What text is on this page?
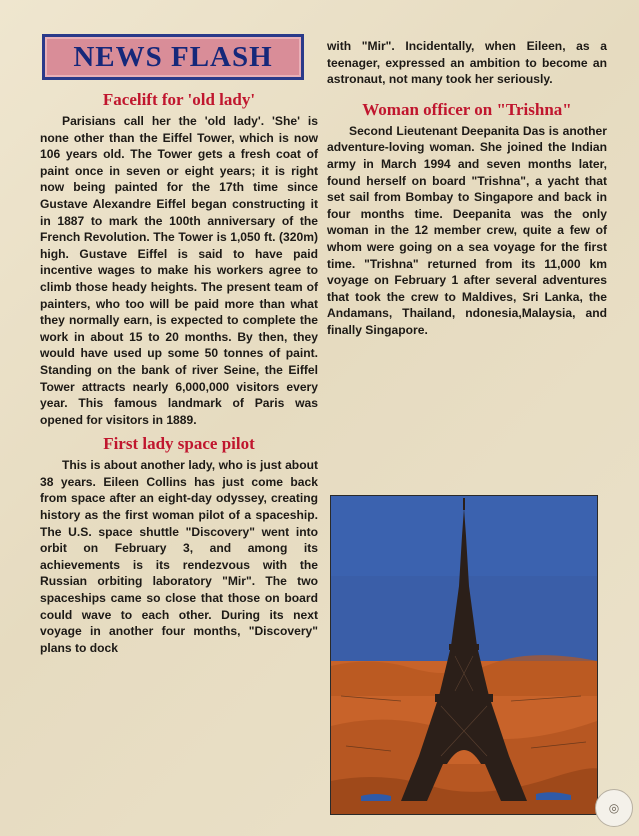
NEWS FLASH
Facelift for 'old lady'

Parisians call her the 'old lady'. 'She' is none other than the Eiffel Tower, which is now 106 years old. The Tower gets a fresh coat of paint once in seven or eight years; it is right now being painted for the 17th time since Gustave Alexandre Eiffel began constructing it in 1887 to mark the 100th anniversary of the French Revolution. The Tower is 1,050 ft. (320m) high. Gustave Eiffel is said to have paid incentive wages to make his workers agree to climb those heady heights. The present team of painters, who too will be paid more than what they normally earn, is expected to complete the work in about 15 to 20 months. By then, they would have used up some 50 tonnes of paint. Standing on the bank of river Seine, the Eiffel Tower attracts nearly 6,000,000 visitors every year. This famous landmark of Paris was opened for visitors in 1889.

First lady space pilot

This is about another lady, who is just about 38 years. Eileen Collins has just come back from space after an eight-day odyssey, creating history as the first woman pilot of a spaceship. The U.S. space shuttle "Discovery" went into orbit on February 3, and among its achievements is its rendezvous with the Russian orbiting laboratory "Mir". The two spaceships came so close that those on board could wave to each other. During its next voyage in another four months, "Discovery" plans to dock

with "Mir". Incidentally, when Eileen, as a teenager, expressed an ambition to become an astronaut, not many took her seriously.

Woman officer on "Trishna"

Second Lieutenant Deepanita Das is another adventure-loving woman. She joined the Indian army in March 1994 and seven months later, found herself on board "Trishna", a yacht that set sail from Bombay to Singapore and back in four months time. Deepanita was the only woman in the 12 member crew, quite a few of whom were going on a sea voyage for the first time. "Trishna" returned from its 11,000 km voyage on February 1 after several adventures that took the crew to Maldives, Sri Lanka, the Andamans, Thailand, ndonesia,Malaysia, and finally Singapore.

◎
